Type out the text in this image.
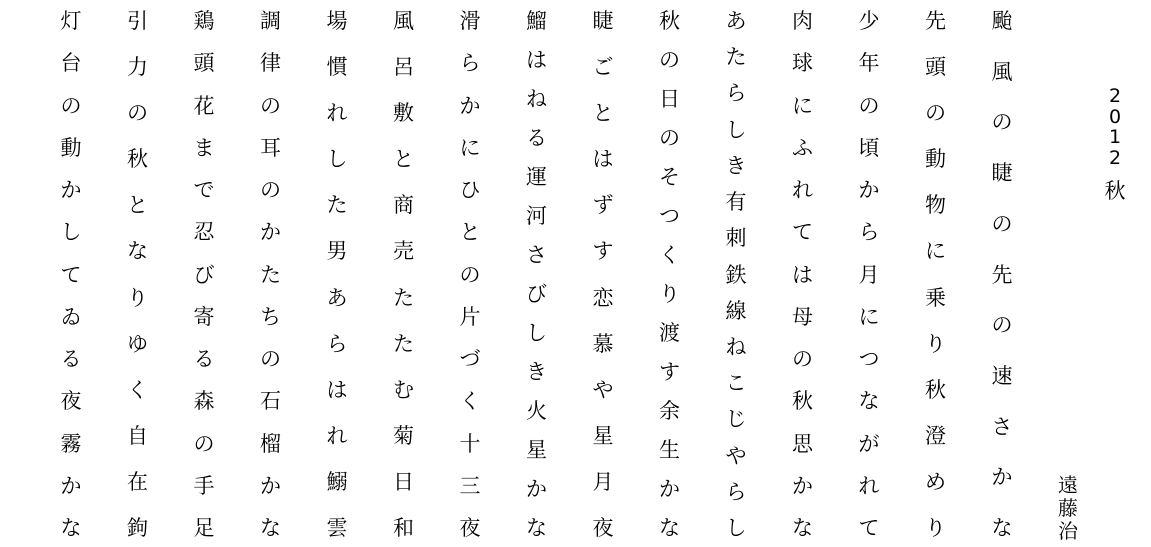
2
0
1
2
秋
遠
藤
治
颱
風
の
睫
の
先
の
速
さ
か
な
先
頭
の
動
物
に
乗
り
秋
澄
め
り
少
年
の
頃
か
ら
月
に
つ
な
が
れ
て
肉
球
に
ふ
れ
て
は
母
の
秋
思
か
な
あ
た
ら
し
き
有
刺
鉄
線
ね
こ
じ
や
ら
し
秋
の
日
の
そ
つ
く
り
渡
す
余
生
か
な
睫
ご
と
は
ず
す
恋
慕
や
星
月
夜
鰡
は
ね
る
運
河
さ
び
し
き
火
星
か
な
滑
ら
か
に
ひ
と
の
片
づ
く
十
三
夜
風
呂
敷
と
商
売
た
た
む
菊
日
和
場
慣
れ
し
た
男
あ
ら
は
れ
鰯
雲
調
律
の
耳
の
か
た
ち
の
石
榴
か
な
鶏
頭
花
ま
で
忍
び
寄
る
森
の
手
足
引
力
の
秋
と
な
り
ゆ
く
自
在
鉤
灯
台
の
動
か
し
て
ゐ
る
夜
霧
か
な
